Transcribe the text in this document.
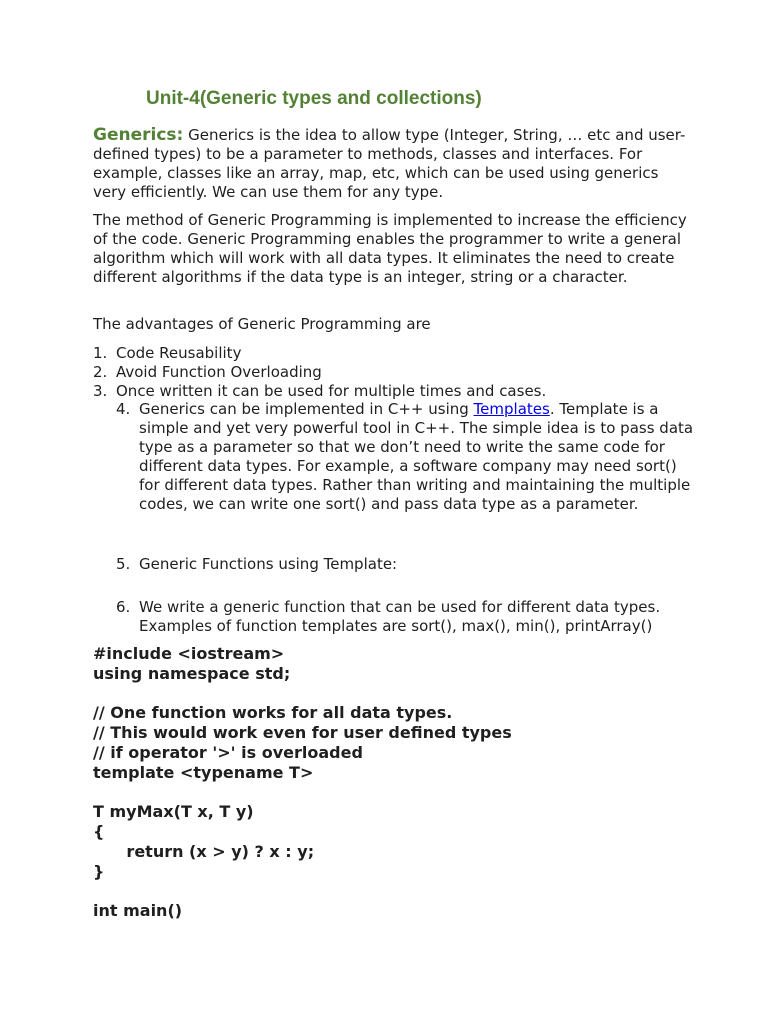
Unit-4(Generic types and collections)

Generics: Generics is the idea to allow type (Integer, String, … etc and user-defined types) to be a parameter to methods, classes and interfaces. For example, classes like an array, map, etc, which can be used using generics very efficiently. We can use them for any type.

The method of Generic Programming is implemented to increase the efficiency of the code. Generic Programming enables the programmer to write a general algorithm which will work with all data types. It eliminates the need to create different algorithms if the data type is an integer, string or a character.

The advantages of Generic Programming are

1. Code Reusability
2. Avoid Function Overloading
3. Once written it can be used for multiple times and cases.
4. Generics can be implemented in C++ using Templates. Template is a simple and yet very powerful tool in C++. The simple idea is to pass data type as a parameter so that we don’t need to write the same code for different data types. For example, a software company may need sort() for different data types. Rather than writing and maintaining the multiple codes, we can write one sort() and pass data type as a parameter.
5. Generic Functions using Template:
6. We write a generic function that can be used for different data types. Examples of function templates are sort(), max(), min(), printArray()
#include <iostream>
using namespace std;

// One function works for all data types.
// This would work even for user defined types
// if operator '>' is overloaded
template <typename T>

T myMax(T x, T y)
{
return (x > y) ? x : y;
}

int main()
